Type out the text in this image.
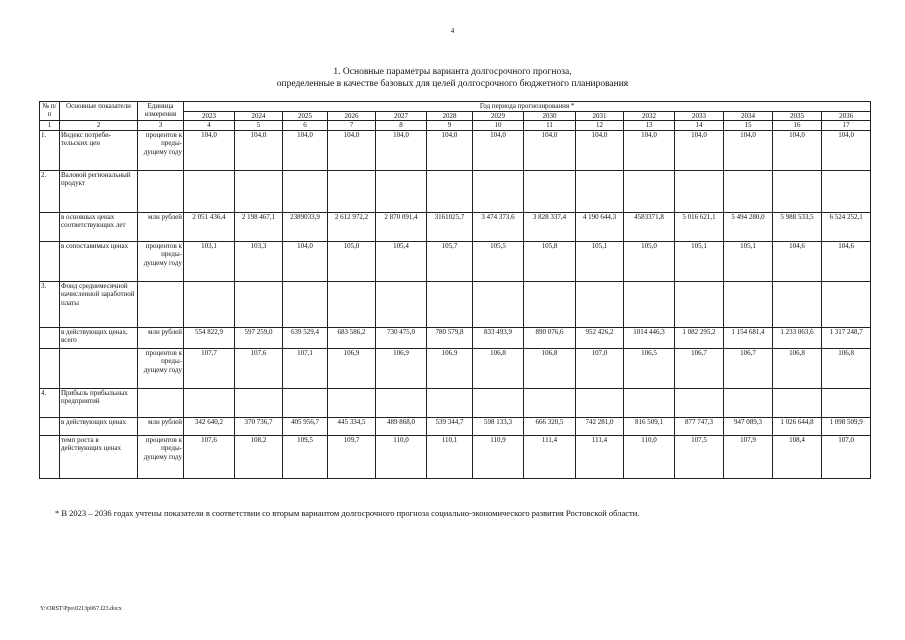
4
1. Основные параметры варианта долгосрочного прогноза,
определенные в качестве базовых для целей долгосрочного бюджетного планирования
№ п/п	Основные показатели	Единица измерения	Год периода прогнозирования *													
			2023	2024	2025	2026	2027	2028	2029	2030	2031	2032	2033	2034	2035	2036
1	2	3	4	5	6	7	8	9	10	11	12	13	14	15	16	17
1.	Индекс потреби-тельских цен	процентов к преды-дущему году	104,0	104,0	104,0	104,0	104,0	104,0	104,0	104,0	104,0	104,0	104,0	104,0	104,0	104,0
2.	Валовой региональный продукт															
	в основных ценах соответствующих лет	млн рублей	2 051 436,4	2 198 467,1	2389033,9	2 612 972,2	2 870 091,4	3161025,7	3 474 373,6	3 828 337,4	4 190 644,3	4583371,8	5 016 621,1	5 494 280,0	5 988 533,5	6 524 252,1
	в сопоставимых ценах	процентов к преды-дущему году	103,1	103,3	104,0	105,0	105,4	105,7	105,5	105,8	105,1	105,0	105,1	105,1	104,6	104,6
3.	Фонд среднемесячной начисленной заработной платы															
	в действующих ценах, всего	млн рублей	554 822,9	597 259,0	639 529,4	683 586,2	730 475,0	780 579,8	833 493,9	890 076,6	952 426,2	1014 446,3	1 082 295,2	1 154 681,4	1 233 063,6	1 317 248,7
		процентов к преды-дущему году	107,7	107,6	107,1	106,9	106,9	106,9	106,8	106,8	107,0	106,5	106,7	106,7	106,8	106,8
4.	Прибыль прибыльных предприятий															
	в действующих ценах	млн рублей	342 640,2	370 736,7	405 956,7	445 334,5	489 868,0	539 344,7	598 133,3	666 320,5	742 281,0	816 509,1	877 747,3	947 089,3	1 026 644,8	1 098 509,9
	темп роста в действующих ценах	процентов к преды-дущему году	107,6	108,2	109,5	109,7	110,0	110,1	110,9	111,4	111,4	110,0	107,5	107,9	108,4	107,0
* В 2023 – 2036 годах учтены показатели в соответствии со вторым вариантом долгосрочного прогноза социально-экономического развития Ростовской области.
Y:\ORST\Ppo\0213p067.f23.docx
